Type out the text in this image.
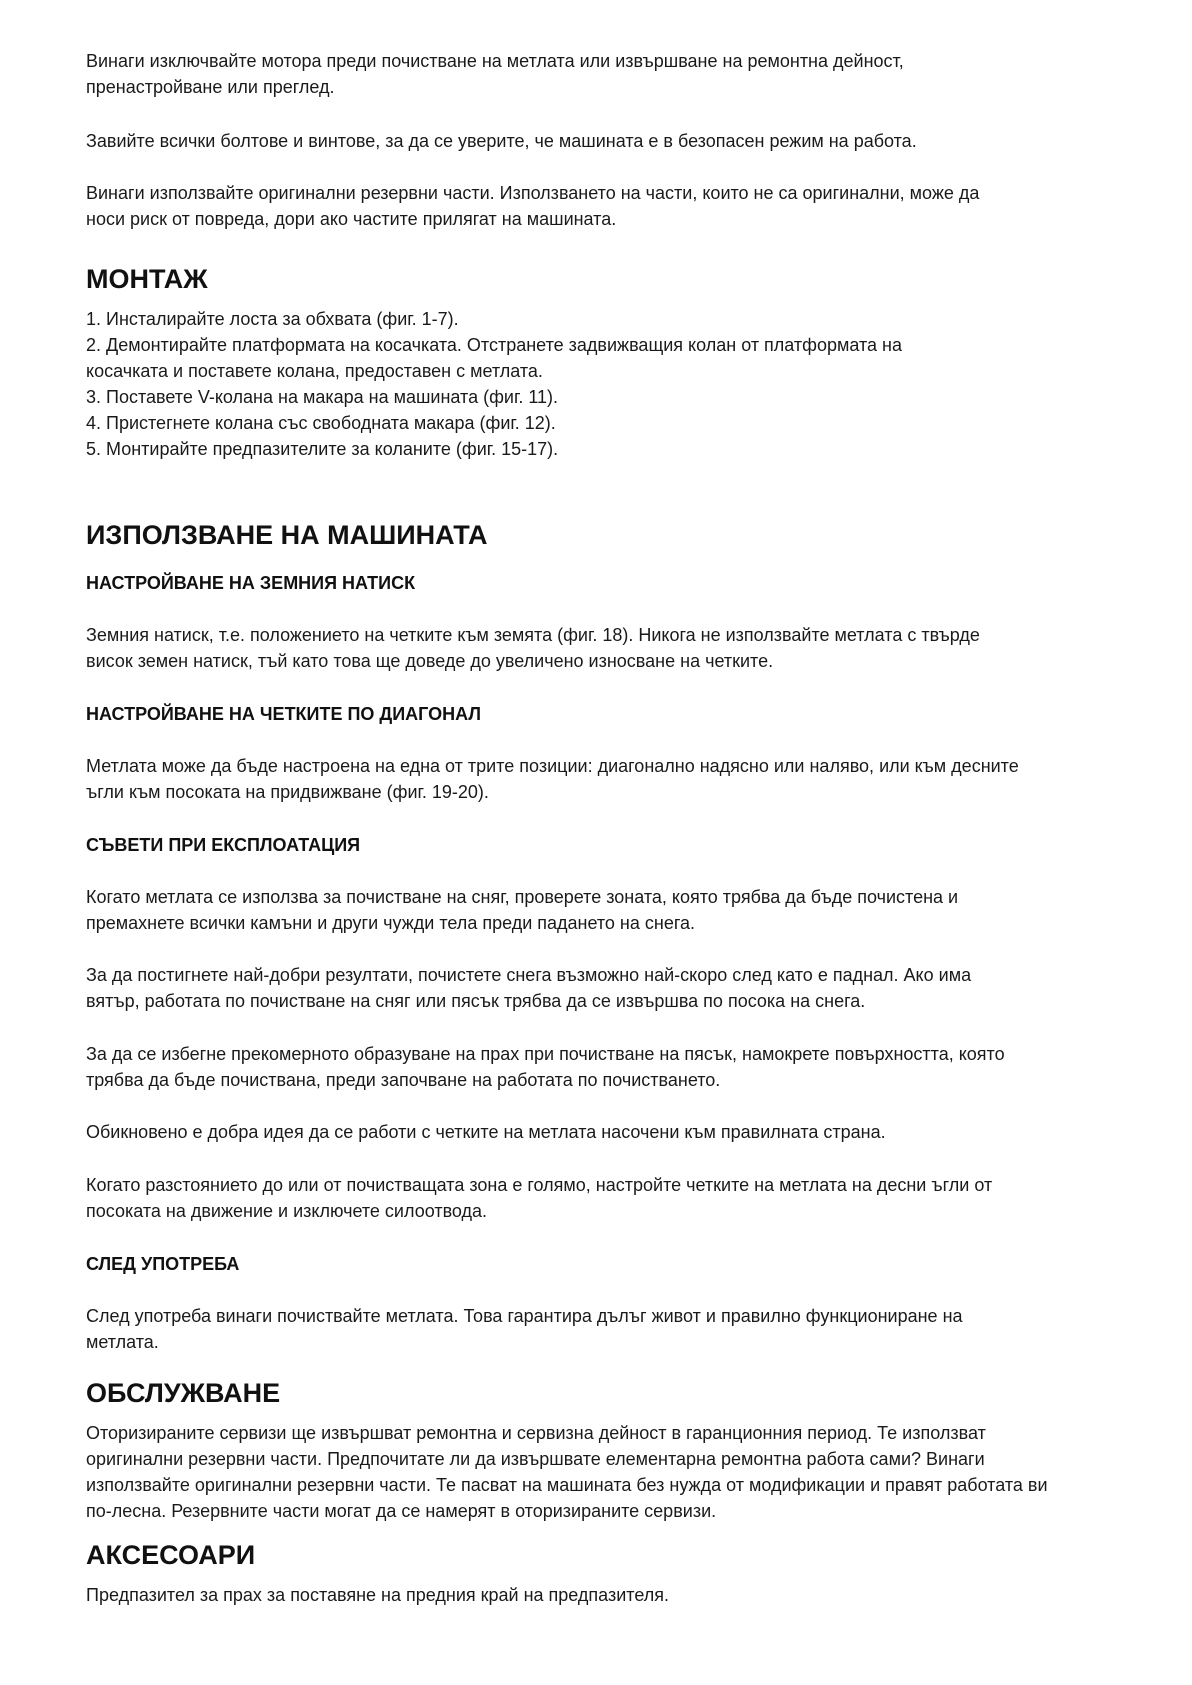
Винаги изключвайте мотора преди почистване на метлата или извършване на ремонтна дейност,
пренастройване или преглед.

Завийте всички болтове и винтове, за да се уверите, че машината е в безопасен режим на работа.

Винаги използвайте оригинални резервни части. Използването на части, които не са оригинални, може да
носи риск от повреда, дори ако частите прилягат на машината.

МОНТАЖ

1. Инсталирайте лоста за обхвата (фиг. 1-7).
2. Демонтирайте платформата на косачката. Отстранете задвижващия колан от платформата на
косачката и поставете колана, предоставен с метлата.
3. Поставете V-колана на макара на машината (фиг. 11).
4. Пристегнете колана със свободната макара (фиг. 12).
5. Монтирайте предпазителите за коланите (фиг. 15-17).

ИЗПОЛЗВАНЕ НА МАШИНАТА
НАСТРОЙВАНЕ НА ЗЕМНИЯ НАТИСК

Земния натиск, т.е. положението на четките към земята (фиг. 18). Никога не използвайте метлата с твърде
висок земен натиск, тъй като това ще доведе до увеличено износване на четките.

НАСТРОЙВАНЕ НА ЧЕТКИТЕ ПО ДИАГОНАЛ

Метлата може да бъде настроена на една от трите позиции: диагонално надясно или наляво, или към десните
ъгли към посоката на придвижване (фиг. 19-20).

СЪВЕТИ ПРИ ЕКСПЛОАТАЦИЯ

Когато метлата се използва за почистване на сняг, проверете зоната, която трябва да бъде почистена и
премахнете всички камъни и други чужди тела преди падането на снега.

За да постигнете най-добри резултати, почистете снега възможно най-скоро след като е паднал. Ако има
вятър, работата по почистване на сняг или пясък трябва да се извършва по посока на снега.

За да се избегне прекомерното образуване на прах при почистване на пясък, намокрете повърхността, която
трябва да бъде почиствана, преди започване на работата по почистването.

Обикновено е добра идея да се работи с четките на метлата насочени към правилната страна.

Когато разстоянието до или от почистващата зона е голямо, настройте четките на метлата на десни ъгли от
посоката на движение и изключете силоотвода.

СЛЕД УПОТРЕБА

След употреба винаги почиствайте метлата. Това гарантира дълъг живот и правилно функциониране на
метлата.

ОБСЛУЖВАНЕ

Оторизираните сервизи ще извършват ремонтна и сервизна дейност в гаранционния период. Те използват
оригинални резервни части. Предпочитате ли да извършвате елементарна ремонтна работа сами? Винаги
използвайте оригинални резервни части. Те пасват на машината без нужда от модификации и правят работата ви
по-лесна. Резервните части могат да се намерят в оторизираните сервизи.

АКСЕСОАРИ

Предпазител за прах за поставяне на предния край на предпазителя.
